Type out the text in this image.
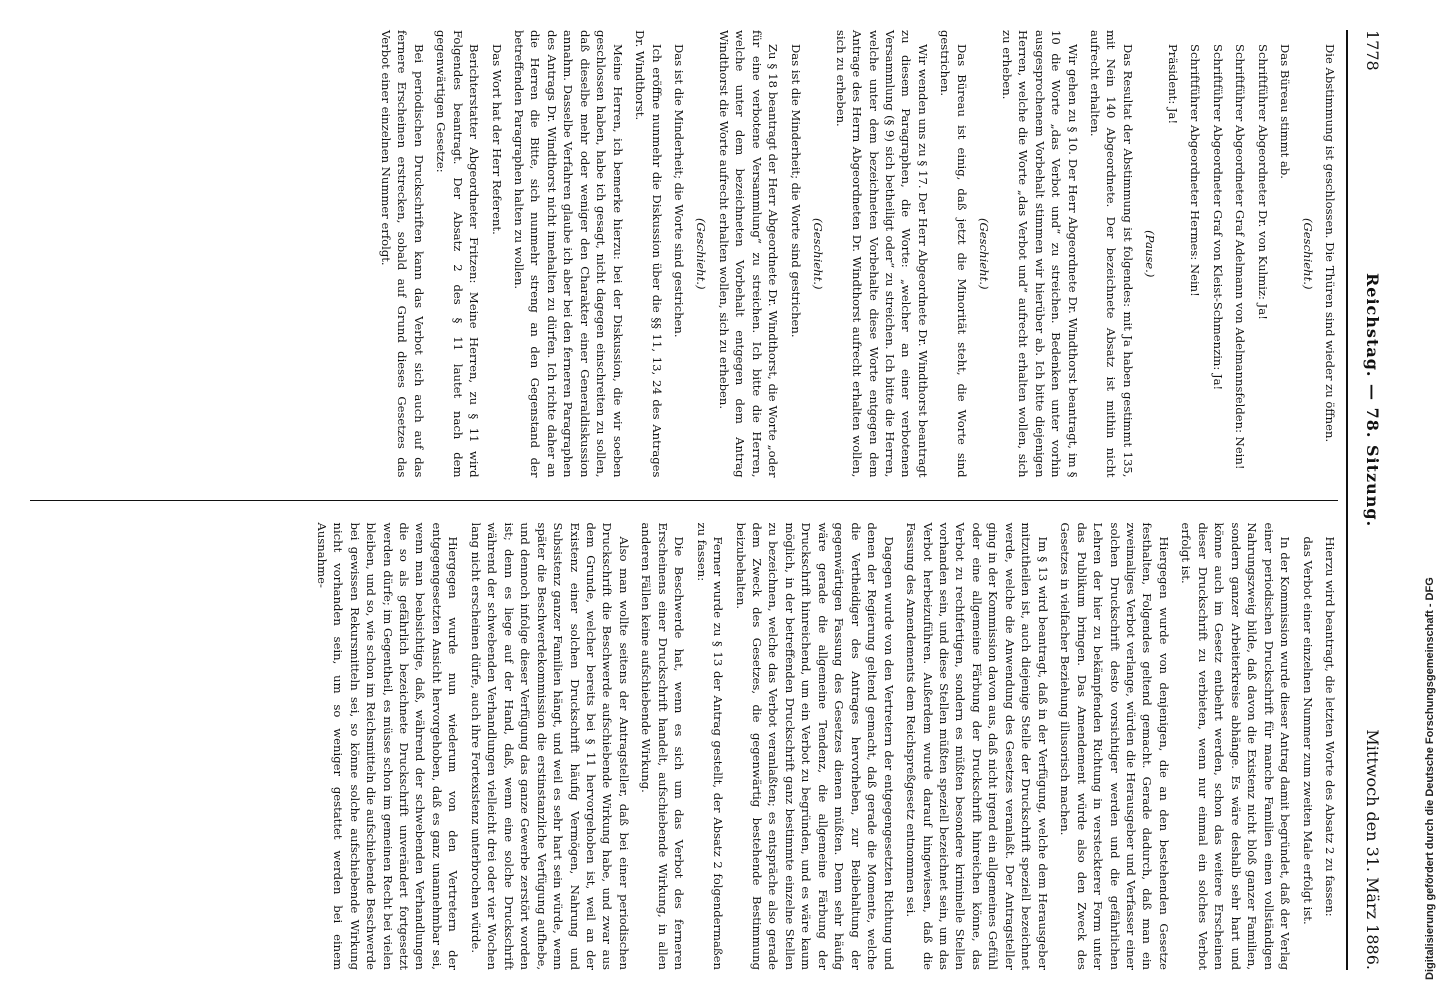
1778
Reichstag. — 78. Sitzung.
Mittwoch den 31. März 1886.

Die Abstimmung ist geschlossen. Die Thüren sind wieder zu öffnen.

(Geschieht.)

Das Büreau stimmt ab.

Schriftführer Abgeordneter Dr. von Kulmiz: Ja!

Schriftführer Abgeordneter Graf Adelmann von Adelmannsfelden: Nein!

Schriftführer Abgeordneter Graf von Kleist-Schmenzin: Ja!

Schriftführer Abgeordneter Hermes: Nein!

Präsident: Ja!

(Pause.)

Das Resultat der Abstimmung ist folgendes: mit Ja haben gestimmt 135, mit Nein 140 Abgeordnete. Der bezeichnete Absatz ist mithin nicht aufrecht erhalten.

Wir gehen zu § 10. Der Herr Abgeordnete Dr. Windthorst beantragt, im § 10 die Worte „das Verbot und“ zu streichen. Bedenken unter vorhin ausgesprochenem Vorbehalt stimmen wir hierüber ab. Ich bitte diejenigen Herren, welche die Worte „das Verbot und“ aufrecht erhalten wollen, sich zu erheben.

(Geschieht.)

Das Büreau ist einig, daß jetzt die Minorität steht, die Worte sind gestrichen.

Wir wenden uns zu § 17. Der Herr Abgeordnete Dr. Windthorst beantragt zu diesem Paragraphen, die Worte: „welcher an einer verbotenen Versammlung (§ 9) sich betheiligt oder“ zu streichen. Ich bitte die Herren, welche unter dem bezeichneten Vorbehalte diese Worte entgegen dem Antrage des Herrn Abgeordneten Dr. Windthorst aufrecht erhalten wollen, sich zu erheben.

(Geschieht.)

Das ist die Minderheit; die Worte sind gestrichen.

Zu § 18 beantragt der Herr Abgeordnete Dr. Windthorst, die Worte „oder für eine verbotene Versammlung“ zu streichen. Ich bitte die Herren, welche unter dem bezeichneten Vorbehalt entgegen dem Antrag Windthorst die Worte aufrecht erhalten wollen, sich zu erheben.

(Geschieht.)

Das ist die Minderheit; die Worte sind gestrichen.

Ich eröffne nunmehr die Diskussion über die §§ 11, 13, 24 des Antrages Dr. Windthorst.

Meine Herren, ich bemerke hierzu: bei der Diskussion, die wir soeben geschlossen haben, habe ich gesagt, nicht dagegen einschreiten zu sollen, daß dieselbe mehr oder weniger den Charakter einer Generaldiskussion annahm. Dasselbe Verfahren glaube ich aber bei den ferneren Paragraphen des Antrags Dr. Windthorst nicht innehalten zu dürfen. Ich richte daher an die Herren die Bitte, sich nunmehr streng an den Gegenstand der betreffenden Paragraphen halten zu wollen.

Das Wort hat der Herr Referent.

Berichterstatter Abgeordneter Fritzen: Meine Herren, zu § 11 wird Folgendes beantragt. Der Absatz 2 des § 11 lautet nach dem gegenwärtigen Gesetze:

Bei periodischen Druckschriften kann das Verbot sich auch auf das fernere Erscheinen erstrecken, sobald auf Grund dieses Gesetzes das Verbot einer einzelnen Nummer erfolgt.

Hierzu wird beantragt, die letzten Worte des Absatz 2 zu fassen:

das Verbot einer einzelnen Nummer zum zweiten Male erfolgt ist.

In der Kommission wurde dieser Antrag damit begründet, daß der Verlag einer periodischen Druckschrift für manche Familien einen vollständigen Nahrungszweig bilde, daß davon die Existenz nicht bloß ganzer Familien, sondern ganzer Arbeiterkreise abhänge. Es wäre deshalb sehr hart und könne auch im Gesetz entbehrt werden, schon das weitere Erscheinen dieser Druckschrift zu verbieten, wenn nur einmal ein solches Verbot erfolgt ist.

Hiergegen wurde von denjenigen, die an den bestehenden Gesetze festhalten, Folgendes geltend gemacht. Gerade dadurch, daß man ein zweimaliges Verbot verlange, würden die Herausgeber und Verfasser einer solchen Druckschrift desto vorsichtiger werden und die gefährlichen Lehren der hier zu bekämpfenden Richtung in versteckterer Form unter das Publikum bringen. Das Amendement würde also den Zweck des Gesetzes in vielfacher Beziehung illusorisch machen.

Im § 13 wird beantragt, daß in der Verfügung, welche dem Herausgeber mitzutheilen ist, auch diejenige Stelle der Druckschrift speziell bezeichnet werde, welche die Anwendung des Gesetzes veranlaßt. Der Antragsteller ging in der Kommission davon aus, daß nicht irgend ein allgemeines Gefühl oder eine allgemeine Färbung der Druckschrift hinreichen könne, das Verbot zu rechtfertigen, sondern es müßten besondere kriminelle Stellen vorhanden sein, und diese Stellen müßten speziell bezeichnet sein, um das Verbot herbeizuführen. Außerdem wurde darauf hingewiesen, daß die Fassung des Amendements dem Reichspreßgesetz entnommen sei.

Dagegen wurde von den Vertretern der entgegengesetzten Richtung und denen der Regierung geltend gemacht, daß gerade die Momente, welche die Vertheidiger des Antrages hervorheben, zur Beibehaltung der gegenwärtigen Fassung des Gesetzes dienen müßten. Denn sehr häufig wäre gerade die allgemeine Tendenz, die allgemeine Färbung der Druckschrift hinreichend, um ein Verbot zu begründen, und es wäre kaum möglich, in der betreffenden Druckschrift ganz bestimmte einzelne Stellen zu bezeichnen, welche das Verbot veranlaßten; es entspräche also gerade dem Zweck des Gesetzes, die gegenwärtig bestehende Bestimmung beizubehalten.

Ferner wurde zu § 13 der Antrag gestellt, der Absatz 2 folgendermaßen zu fassen:

Die Beschwerde hat, wenn es sich um das Verbot des ferneren Erscheinens einer Druckschrift handelt, aufschiebende Wirkung, in allen anderen Fällen keine aufschiebende Wirkung.

Also man wollte seitens der Antragsteller, daß bei einer periodischen Druckschrift die Beschwerde aufschiebende Wirkung habe, und zwar aus dem Grunde, welcher bereits bei § 11 hervorgehoben ist, weil an der Existenz einer solchen Druckschrift häufig Vermögen, Nahrung und Subsistenz ganzer Familien hängt, und weil es sehr hart sein würde, wenn später die Beschwerdekommission die erstinstanzliche Verfügung aufhebe, und dennoch infolge dieser Verfügung das ganze Gewerbe zerstört worden ist; denn es liege auf der Hand, daß, wenn eine solche Druckschrift während der schwebenden Verhandlungen vielleicht drei oder vier Wochen lang nicht erscheinen dürfe, auch ihre Fortexistenz unterbrochen würde.

Hiergegen wurde nun wiederum von den Vertretern der entgegengesetzten Ansicht hervorgehoben, daß es ganz unannehmbar sei, wenn man beabsichtige, daß, während der schwebenden Verhandlungen die so als gefährlich bezeichnete Druckschrift unverändert fortgesetzt werden dürfe; im Gegentheil, es müsse schon im gemeinen Recht bei vielen bleiben, und so, wie schon im Reichsmitteln die aufschiebende Beschwerde bei gewissen Rekursmitteln sei, so könne solche aufschiebende Wirkung nicht vorhanden sein, um so weniger gestattet werden bei einem Ausnahme-

Digitalisierung gefördert durch die Deutsche Forschungsgemeinschaft - DFG
